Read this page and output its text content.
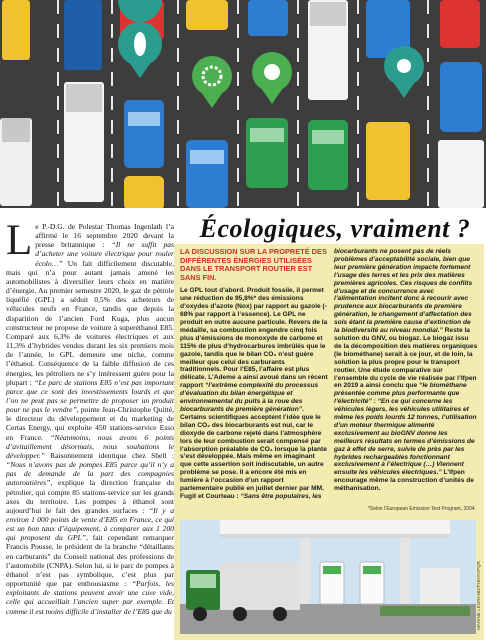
Le P.-D.G. de Polestar Thomas Ingenlath l’a affirmé le 16 septembre 2020 devant la presse britannique : “Il ne suffit pas d’acheter une voiture électrique pour rouler écolo…” Un fait difficilement discutable, mais qui n’a pour autant jamais amené les automobilistes à diversifier leurs choix en matière d’énergie. Au premier semestre 2020, le gaz de pétrole liquéfié (GPL) a séduit 0,5% des acheteurs de véhicules neufs en France, tandis que depuis la disparition de l’ancien Ford Kuga, plus aucun constructeur ne propose de voiture à superéthanol E85. Comparé aux 6,3% de voitures électriques et aux 11,3% d’hybrides vendus durant les six premiers mois de l’année, le GPL demeure une niche, comme l’éthanol. Conséquence de la faible diffusion de ces énergies, les pétroliers ne s’y intéressent guère pour la plupart : “Le parc de stations E85 n’est pas important parce que ce sont des investissements lourds et que l’on ne peut pas se permettre de proposer un produit pour ne pas le vendre”, pointe Jean-Christophe Quitté, le directeur du développement et du marketing de Certas Energy, qui exploite 450 stations-service Esso en France. “Néanmoins, nous avons 6 points d’avitaillement désormais, nous souhaitons le développer.” Raisonnement identique chez Shell : “Nous n’avons pas de pompes E85 parce qu’il n’y a pas de demande de la part des compagnies autoroutières”, explique la direction française du pétrolier, qui compte 85 stations-service sur les grands axes du territoire. Les pompes à éthanol sont aujourd’hui le fait des grandes surfaces : “Il y a environ 1 000 points de vente d’E85 en France, ce qui est un bon taux d’équipement, à comparer aux 1 200 qui proposent du GPL”, fait cependant remarquer Francis Pousse, le président de la branche “détaillants en carburants” du Conseil national des professions de l’automobile (CNPA). Selon lui, si le parc de pompes à éthanol n’est pas symbolique, c’est plus par opportunité que par enthousiasme : “Parfois, les exploitants de stations peuvent avoir une cuve vide, celle qui accueillait l’ancien super par exemple. Et comme il est moins difficile d’installer de l’E85 que du

Écologiques, vraiment ?

LA DISCUSSION SUR LA PROPRETÉ DES DIFFÉRENTES ÉNERGIES UTILISÉES DANS LE TRANSPORT ROUTIER EST SANS FIN.
Le GPL tout d’abord. Produit fossile, il permet une réduction de 95,8%* des émissions d’oxydes d’azote (Nox) par rapport au gazole (- 68% par rapport à l’essence). Le GPL ne produit en outre aucune particule. Revers de la médaille, sa combustion engendre cinq fois plus d’émissions de monoxyde de carbone et 115% de plus d’hydrocarbures imbrûlés que le gazole, tandis que le bilan CO₂ n’est guère meilleur que celui des carburants traditionnels. Pour l’E85, l’affaire est plus délicate. L’Ademe a ainsi avoué dans un récent rapport “l’extrême complexité du processus d’évaluation du bilan énergétique et environnemental du puits à la roue des biocarburants de première génération”. Certains scientifiques acceptent l’idée que le bilan CO₂ des biocarburants est nul, car le dioxyde de carbone rejeté dans l’atmosphère lors de leur combustion serait compensé par l’absorption préalable de CO₂ lorsque la plante s’est développée. Mais même en imaginant que cette assertion soit indiscutable, un autre problème se pose. Il a encore été mis en lumière à l’occasion d’un rapport parlementaire publié en juillet dernier par MM. Fugit et Courteau : “Sans être populaires, les

biocarburants ne posent pas de réels problèmes d’acceptabilité sociale, bien que leur première génération impacte fortement l’usage des terres et les prix des matières premières agricoles. Ces risques de conflits d’usage et de concurrence avec l’alimentation incitent donc à recourir avec prudence aux biocarburants de première génération, le changement d’affectation des sols étant la première cause d’extinction de la biodiversité au niveau mondial.” Reste la solution du GNV, ou biogaz. Le biogaz issu de la décomposition des matières organiques (le biométhane) serait à ce jour, et de loin, la solution la plus propre pour le transport routier. Une étude comparative sur l’ensemble du cycle de vie réalisée par l’Ifpen en 2019 a ainsi conclu que “le biométhane présentée comme plus performante que l’électricité” : “En ce qui concerne les véhicules légers, les véhicules utilitaires et même les poids lourds 12 tonnes, l’utilisation d’un moteur thermique alimenté exclusivement au bioGNV donne les meilleurs résultats en termes d’émissions de gaz à effet de serre, suivie de près par les hybrides rechargeables fonctionnant exclusivement à l’électrique (…) Viennent ensuite les véhicules électriques.” L’Ifpen encourage même la construction d’unités de méthanisation.

*Selon l’European Emission Test Program, 2004.
MARINE LEGRAND/PHOTOPQR
